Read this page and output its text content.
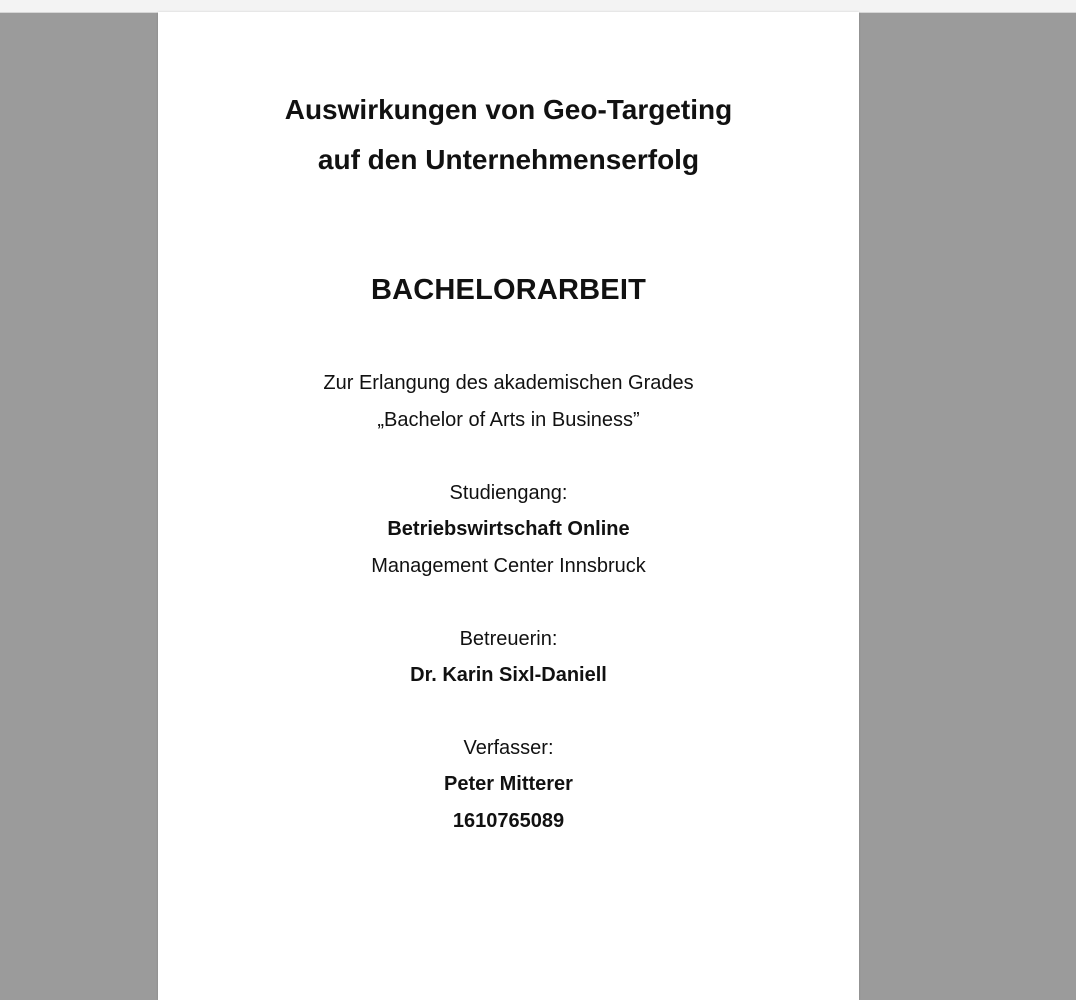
Auswirkungen von Geo-Targeting
auf den Unternehmenserfolg
BACHELORARBEIT
Zur Erlangung des akademischen Grades
„Bachelor of Arts in Business”
Studiengang:
Betriebswirtschaft Online
Management Center Innsbruck
Betreuerin:
Dr. Karin Sixl-Daniell
Verfasser:
Peter Mitterer
1610765089
